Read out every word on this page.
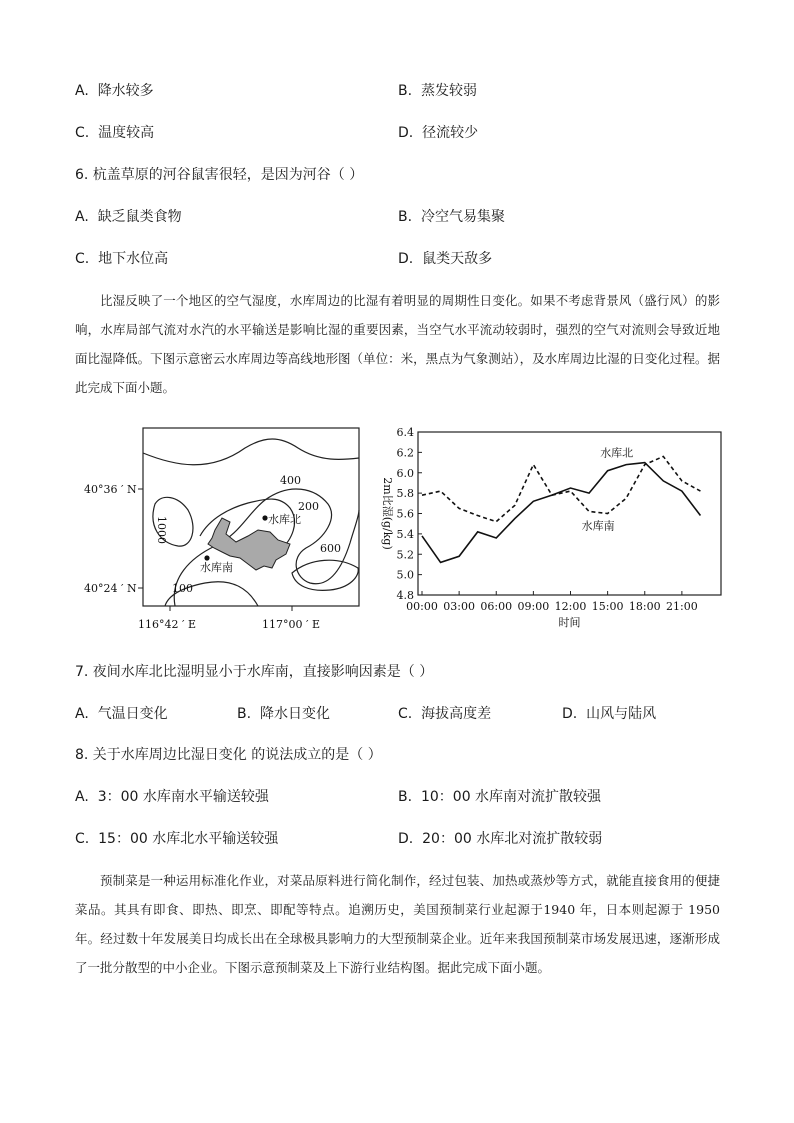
A. 降水较多	B. 蒸发较弱
C. 温度较高	D. 径流较少
6. 杭盖草原的河谷鼠害很轻，是因为河谷（ ）
A. 缺乏鼠类食物	B. 冷空气易集聚
C. 地下水位高	D. 鼠类天敌多

比湿反映了一个地区的空气湿度，水库周边的比湿有着明显的周期性日变化。如果不考虑背景风（盛行风）的影响，水库局部气流对水汽的水平输送是影响比湿的重要因素，当空气水平流动较弱时，强烈的空气对流则会导致近地面比湿降低。下图示意密云水库周边等高线地形图（单位：米，黑点为气象测站），及水库周边比湿的日变化过程。据此完成下面小题。

400
1000
200
600
100
水库北
水库南
40°36 ′ N
40°24 ′ N
116°42 ′ E	117°00 ′ E
4.8
5.0
5.2
5.4
5.6
5.8
6.0
6.2
6.4
00:00 03:00 06:00 09:00 12:00 15:00 18:00 21:00
时间
2m比湿(g/kg)
水库北
水库南
7. 夜间水库北比湿明显小于水库南，直接影响因素是（ ）
A. 气温日变化	B. 降水日变化	C. 海拔高度差	D. 山风与陆风
8. 关于水库周边比湿日变化 的说法成立的是（ ）
A. 3：00 水库南水平输送较强	B. 10：00 水库南对流扩散较强
C. 15：00 水库北水平输送较强	D. 20：00 水库北对流扩散较弱

预制菜是一种运用标准化作业，对菜品原料进行简化制作，经过包装、加热或蒸炒等方式，就能直接食用的便捷菜品。其具有即食、即热、即烹、即配等特点。追溯历史，美国预制菜行业起源于1940 年，日本则起源于 1950 年。经过数十年发展美日均成长出在全球极具影响力的大型预制菜企业。近年来我国预制菜市场发展迅速，逐渐形成了一批分散型的中小企业。下图示意预制菜及上下游行业结构图。据此完成下面小题。
